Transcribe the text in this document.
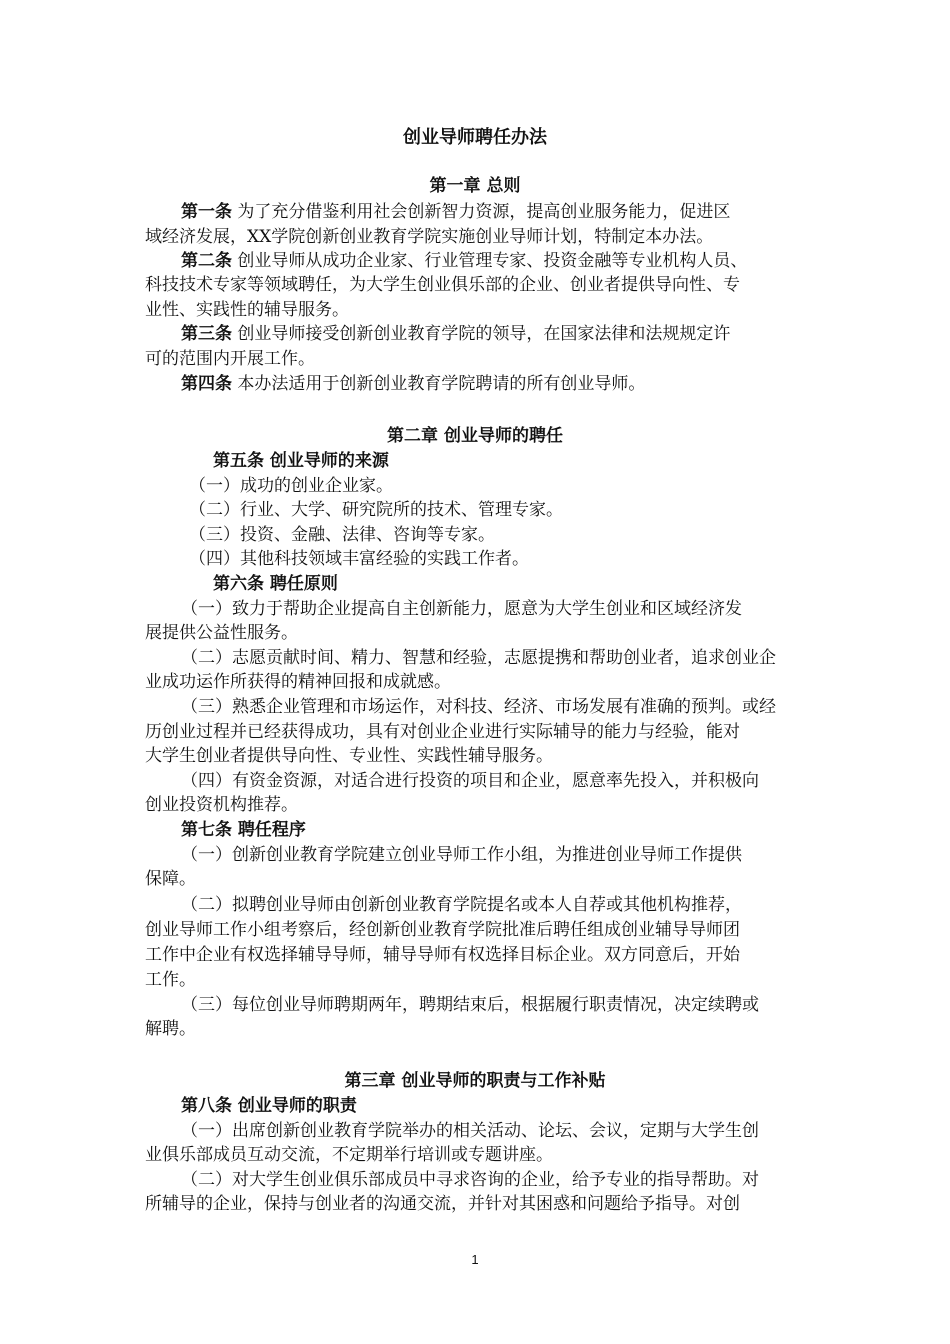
创业导师聘任办法
第一章 总则
第一条 为了充分借鉴利用社会创新智力资源，提高创业服务能力，促进区
域经济发展，XX学院创新创业教育学院实施创业导师计划，特制定本办法。
第二条 创业导师从成功企业家、行业管理专家、投资金融等专业机构人员、
科技技术专家等领域聘任，为大学生创业俱乐部的企业、创业者提供导向性、专
业性、实践性的辅导服务。
第三条 创业导师接受创新创业教育学院的领导，在国家法律和法规规定许
可的范围内开展工作。
第四条 本办法适用于创新创业教育学院聘请的所有创业导师。
第二章 创业导师的聘任
第五条 创业导师的来源
（一）成功的创业企业家。
（二）行业、大学、研究院所的技术、管理专家。
（三）投资、金融、法律、咨询等专家。
（四）其他科技领域丰富经验的实践工作者。
第六条 聘任原则
（一）致力于帮助企业提高自主创新能力，愿意为大学生创业和区域经济发
展提供公益性服务。
（二）志愿贡献时间、精力、智慧和经验，志愿提携和帮助创业者，追求创业企
业成功运作所获得的精神回报和成就感。
（三）熟悉企业管理和市场运作，对科技、经济、市场发展有准确的预判。或经
历创业过程并已经获得成功，具有对创业企业进行实际辅导的能力与经验，能对
大学生创业者提供导向性、专业性、实践性辅导服务。
（四）有资金资源，对适合进行投资的项目和企业，愿意率先投入，并积极向
创业投资机构推荐。
第七条 聘任程序
（一）创新创业教育学院建立创业导师工作小组，为推进创业导师工作提供
保障。
（二）拟聘创业导师由创新创业教育学院提名或本人自荐或其他机构推荐，
创业导师工作小组考察后，经创新创业教育学院批准后聘任组成创业辅导导师团
工作中企业有权选择辅导导师，辅导导师有权选择目标企业。双方同意后，开始
工作。
（三）每位创业导师聘期两年，聘期结束后，根据履行职责情况，决定续聘或
解聘。
第三章 创业导师的职责与工作补贴
第八条 创业导师的职责
（一）出席创新创业教育学院举办的相关活动、论坛、会议，定期与大学生创
业俱乐部成员互动交流，不定期举行培训或专题讲座。
（二）对大学生创业俱乐部成员中寻求咨询的企业，给予专业的指导帮助。对
所辅导的企业，保持与创业者的沟通交流，并针对其困惑和问题给予指导。对创
1
